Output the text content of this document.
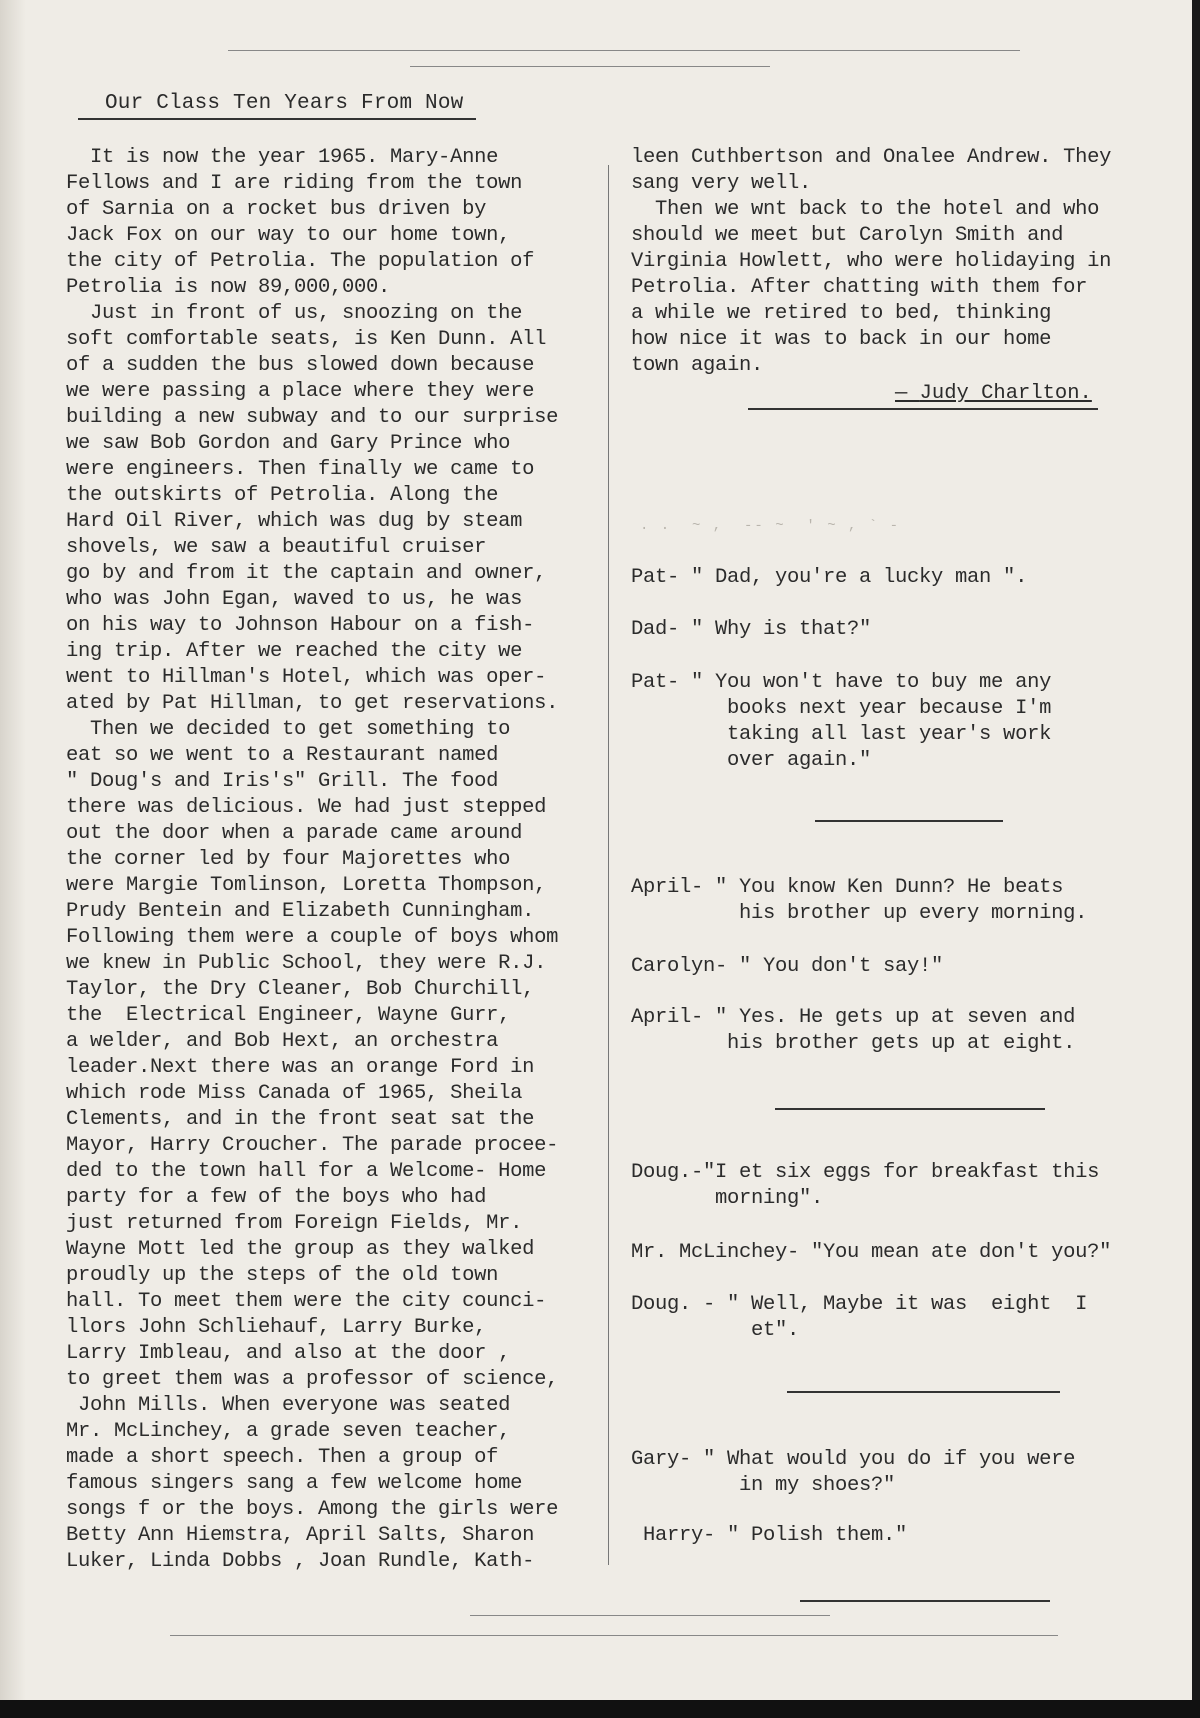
Our Class Ten Years From Now

It is now the year 1965. Mary-Anne
Fellows and I are riding from the town
of Sarnia on a rocket bus driven by
Jack Fox on our way to our home town,
the city of Petrolia. The population of
Petrolia is now 89,000,000.
Just in front of us, snoozing on the
soft comfortable seats, is Ken Dunn. All
of a sudden the bus slowed down because
we were passing a place where they were
building a new subway and to our surprise
we saw Bob Gordon and Gary Prince who
were engineers. Then finally we came to
the outskirts of Petrolia. Along the
Hard Oil River, which was dug by steam
shovels, we saw a beautiful cruiser
go by and from it the captain and owner,
who was John Egan, waved to us, he was
on his way to Johnson Habour on a fish-
ing trip. After we reached the city we
went to Hillman's Hotel, which was oper-
ated by Pat Hillman, to get reservations.
Then we decided to get something to
eat so we went to a Restaurant named
" Doug's and Iris's" Grill. The food
there was delicious. We had just stepped
out the door when a parade came around
the corner led by four Majorettes who
were Margie Tomlinson, Loretta Thompson,
Prudy Bentein and Elizabeth Cunningham.
Following them were a couple of boys whom
we knew in Public School, they were R.J.
Taylor, the Dry Cleaner, Bob Churchill,
the  Electrical Engineer, Wayne Gurr,
a welder, and Bob Hext, an orchestra
leader.Next there was an orange Ford in
which rode Miss Canada of 1965, Sheila
Clements, and in the front seat sat the
Mayor, Harry Croucher. The parade procee-
ded to the town hall for a Welcome- Home
party for a few of the boys who had
just returned from Foreign Fields, Mr.
Wayne Mott led the group as they walked
proudly up the steps of the old town
hall. To meet them were the city counci-
llors John Schliehauf, Larry Burke,
Larry Imbleau, and also at the door ,
to greet them was a professor of science,
John Mills. When everyone was seated
Mr. McLinchey, a grade seven teacher,
made a short speech. Then a group of
famous singers sang a few welcome home
songs f or the boys. Among the girls were
Betty Ann Hiemstra, April Salts, Sharon
Luker, Linda Dobbs , Joan Rundle, Kath-

leen Cuthbertson and Onalee Andrew. They
sang very well.
Then we wnt back to the hotel and who
should we meet but Carolyn Smith and
Virginia Howlett, who were holidaying in
Petrolia. After chatting with them for
a while we retired to bed, thinking
how nice it was to back in our home
town again.

— Judy Charlton.
. .  ~ ,  -- ~  ' ~ , ` -
Pat- " Dad, you're a lucky man ".
Dad- " Why is that?"
Pat- " You won't have to buy me any
books next year because I'm
taking all last year's work
over again."
April- " You know Ken Dunn? He beats
his brother up every morning.
Carolyn- " You don't say!"
April- " Yes. He gets up at seven and
his brother gets up at eight.
Doug.-"I et six eggs for breakfast this
morning".
Mr. McLinchey- "You mean ate don't you?"
Doug. - " Well, Maybe it was  eight  I
et".
Gary- " What would you do if you were
in my shoes?"
Harry- " Polish them."
